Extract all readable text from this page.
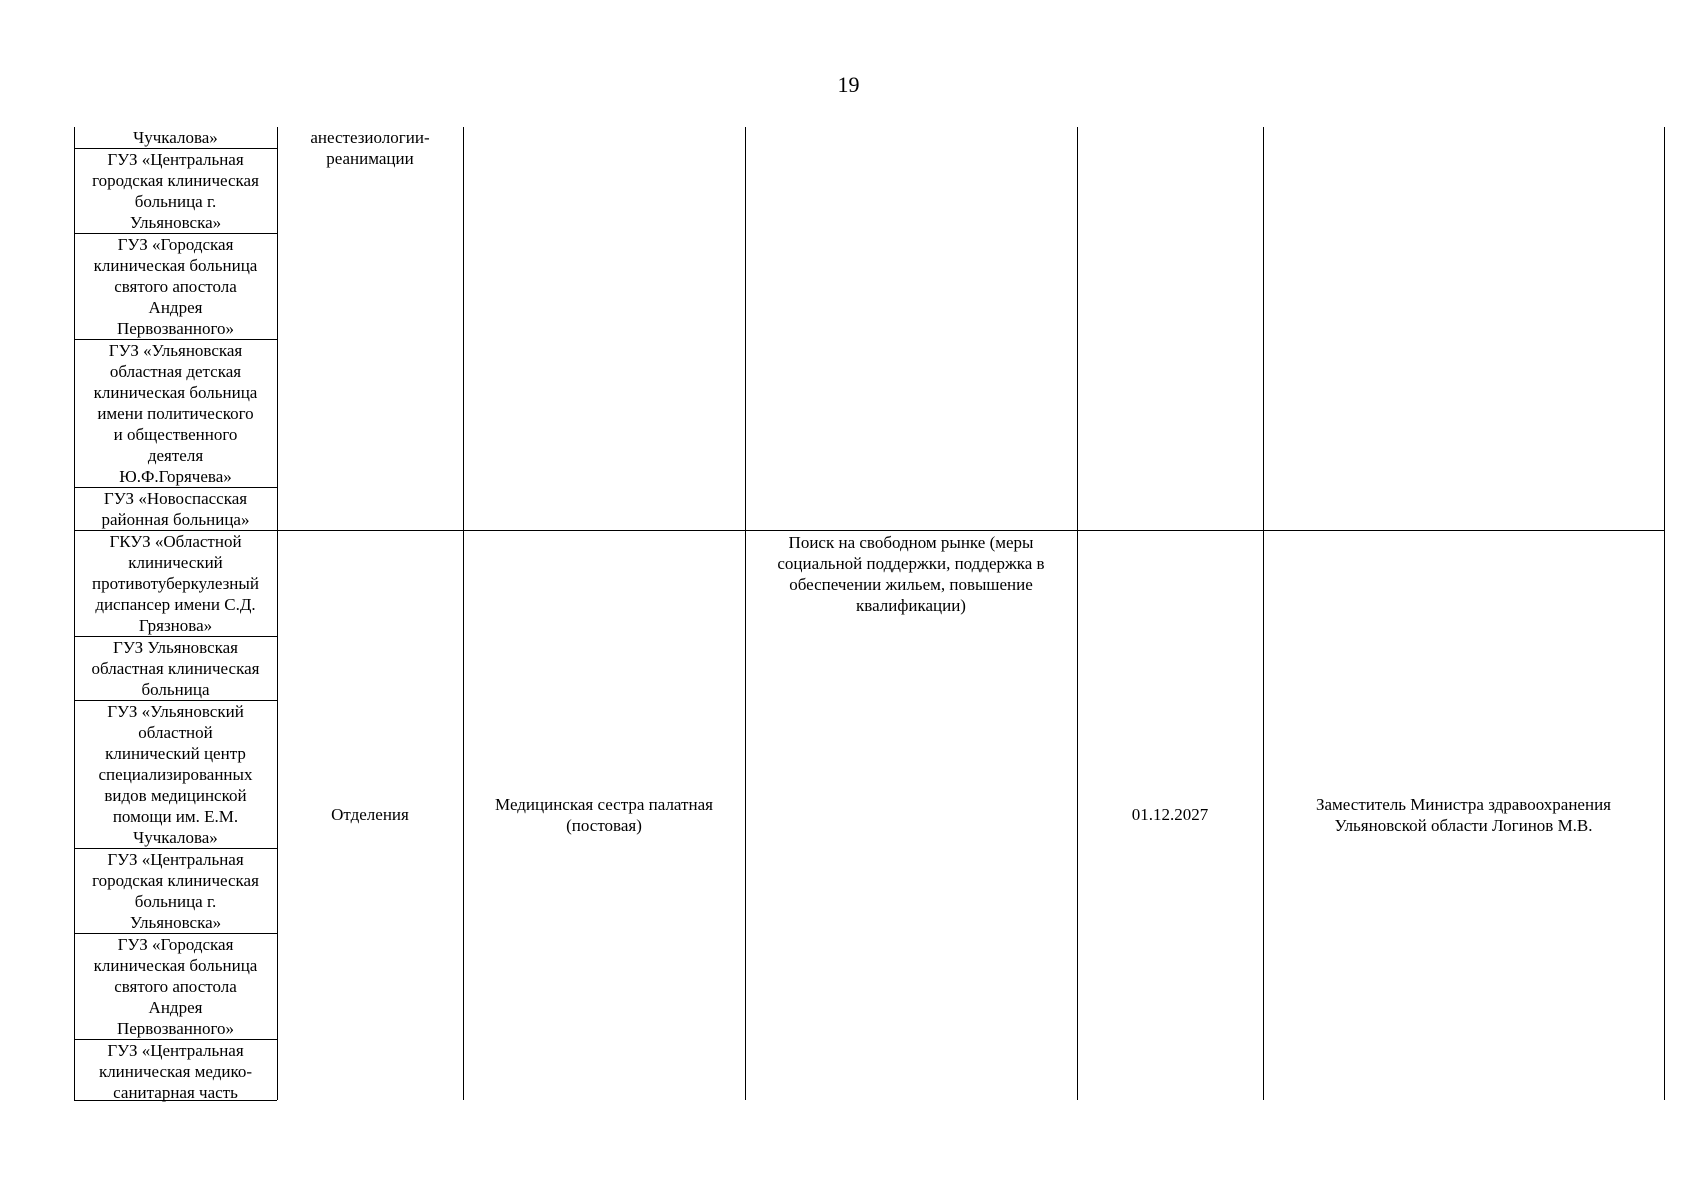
19
Чучкалова»
ГУЗ «Центральная
городская клиническая
больница г.
Ульяновска»
ГУЗ «Городская
клиническая больница
святого апостола
Андрея
Первозванного»
ГУЗ «Ульяновская
областная детская
клиническая больница
имени политического
и общественного
деятеля
Ю.Ф.Горячева»
ГУЗ «Новоспасская
районная больница»
анестезиологии-
реанимации
ГКУЗ «Областной
клинический
противотуберкулезный
диспансер имени С.Д.
Грязнова»
ГУЗ Ульяновская
областная клиническая
больница
ГУЗ «Ульяновский
областной
клинический центр
специализированных
видов медицинской
помощи им. Е.М.
Чучкалова»
ГУЗ «Центральная
городская клиническая
больница г.
Ульяновска»
ГУЗ «Городская
клиническая больница
святого апостола
Андрея
Первозванного»
ГУЗ «Центральная
клиническая медико-
санитарная часть
Отделения
Медицинская сестра палатная
(постовая)
Поиск на свободном рынке (меры
социальной поддержки, поддержка в
обеспечении жильем, повышение
квалификации)
01.12.2027
Заместитель Министра здравоохранения
Ульяновской области Логинов М.В.
